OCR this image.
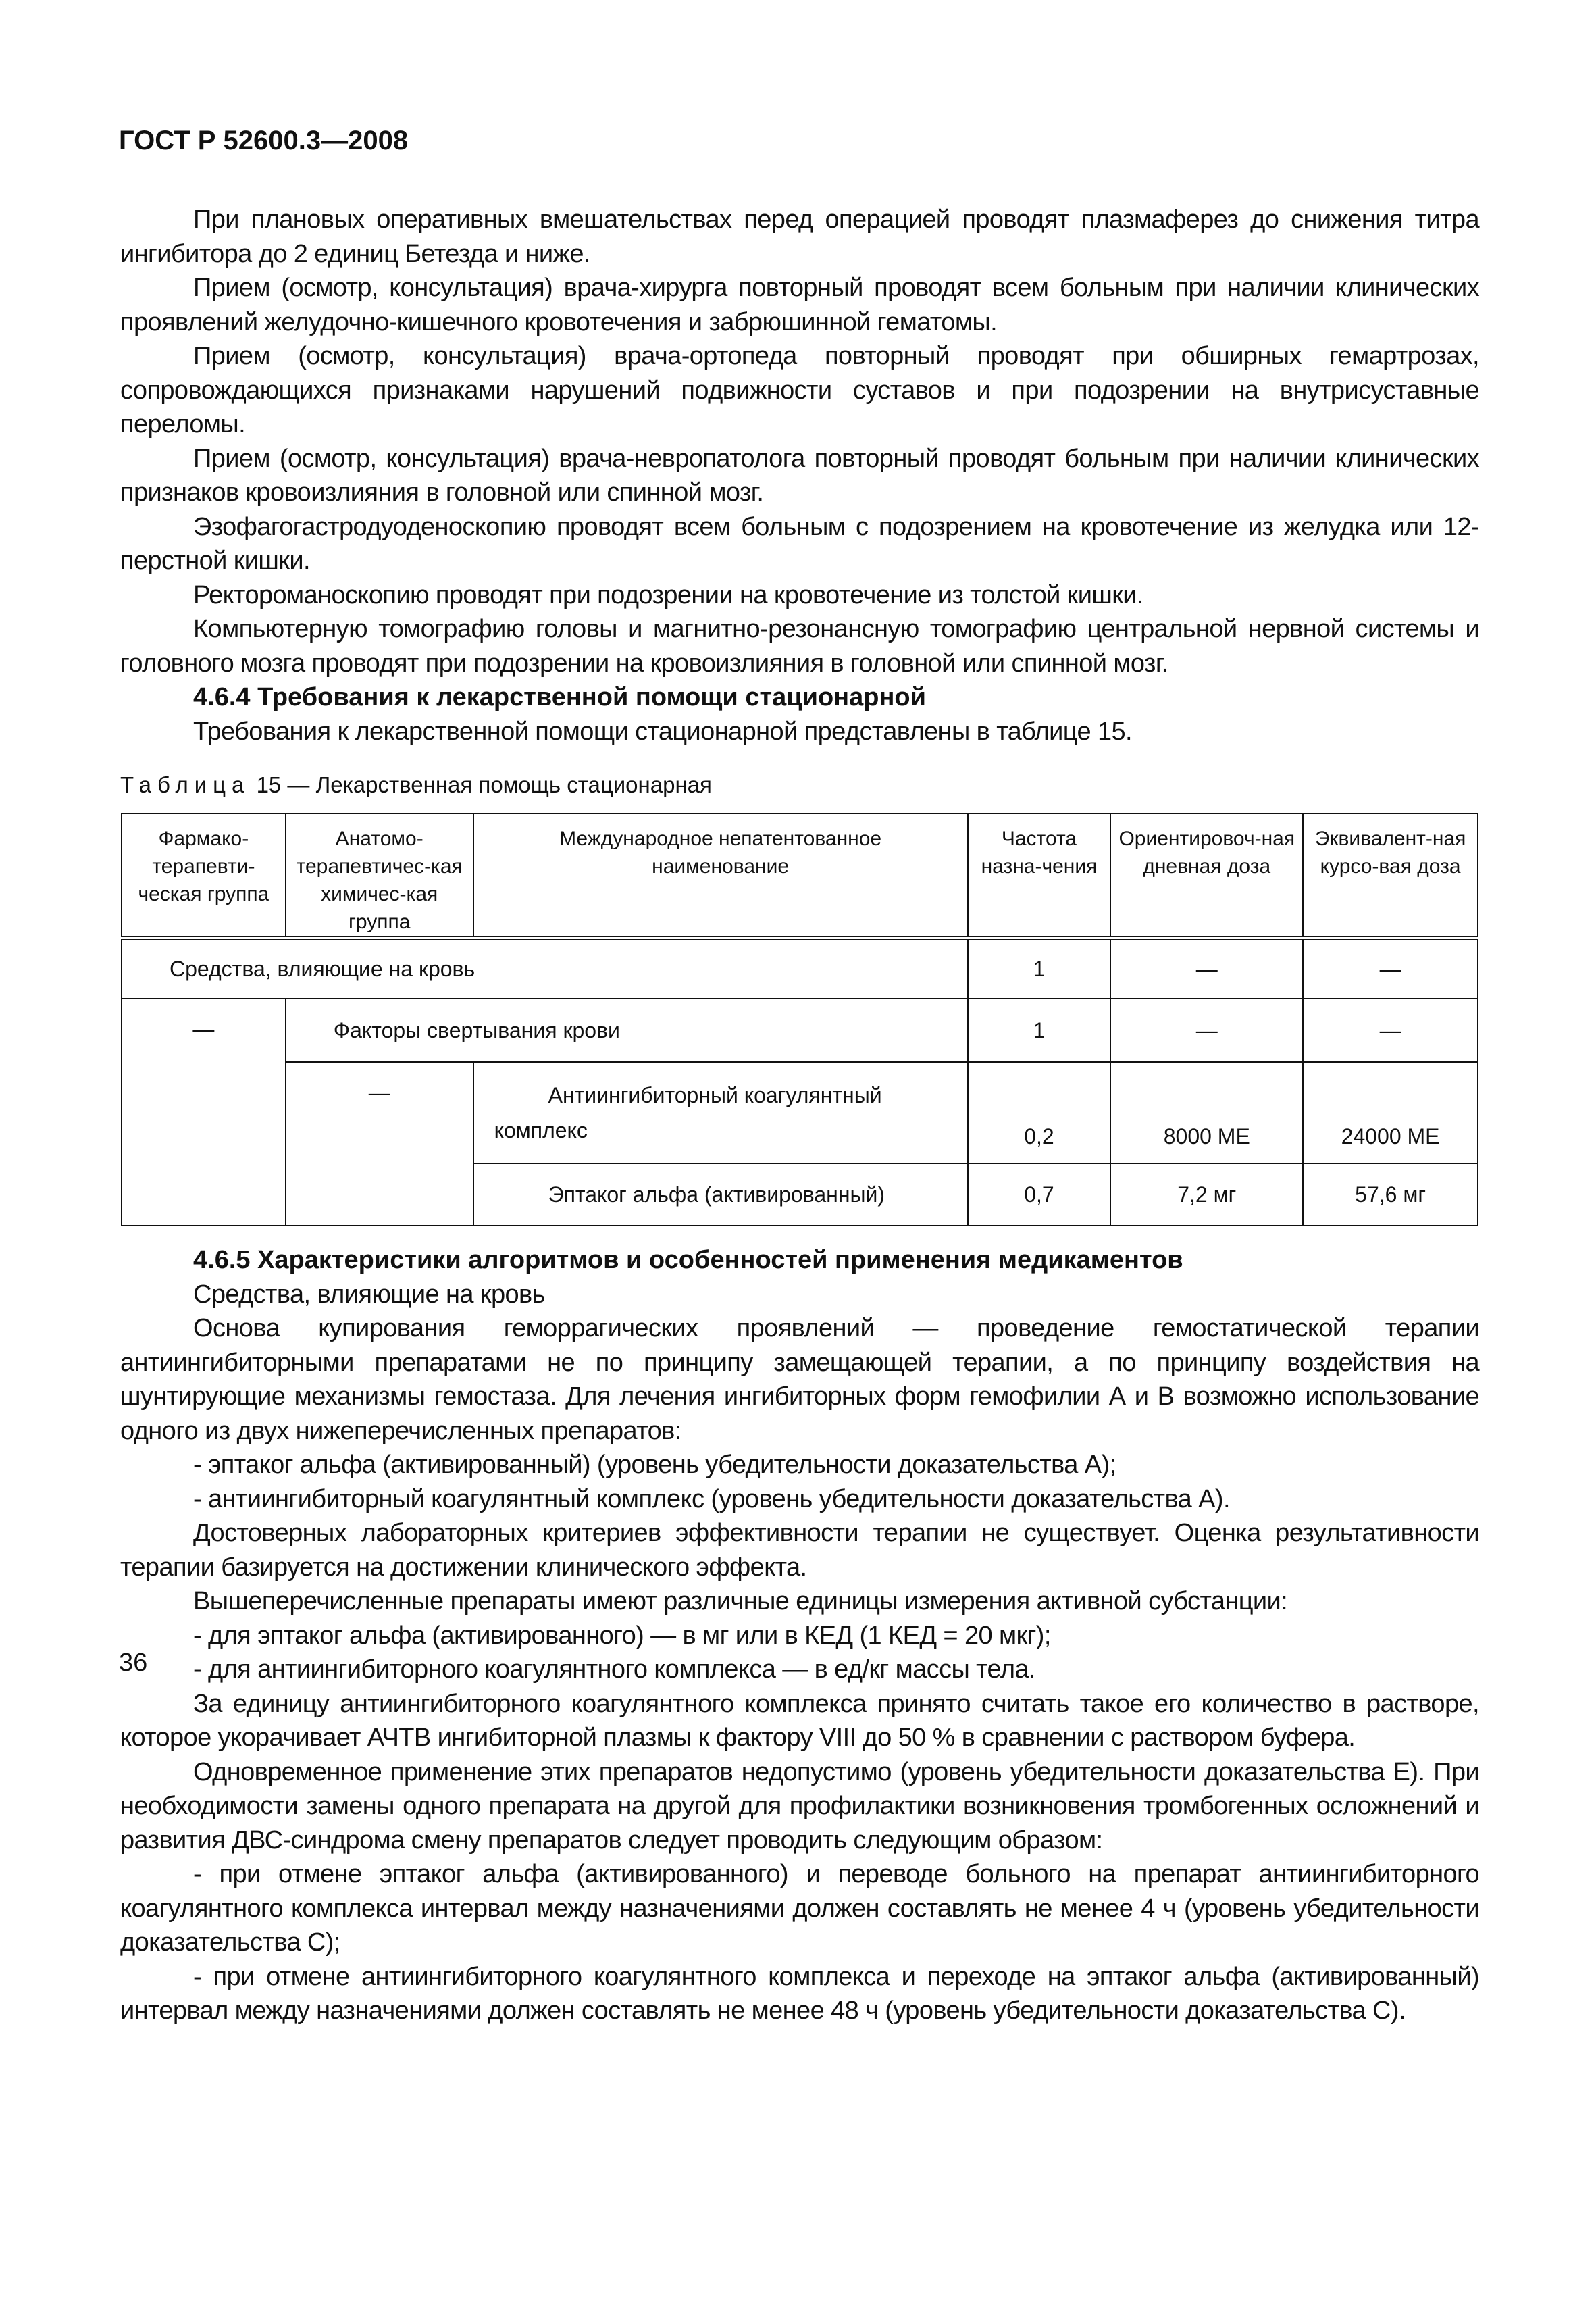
ГОСТ Р 52600.3—2008

При плановых оперативных вмешательствах перед операцией проводят плазмаферез до снижения титра ингибитора до 2 единиц Бетезда и ниже.

Прием (осмотр, консультация) врача-хирурга повторный проводят всем больным при наличии клинических проявлений желудочно-кишечного кровотечения и забрюшинной гематомы.

Прием (осмотр, консультация) врача-ортопеда повторный проводят при обширных гемартрозах, сопровождающихся признаками нарушений подвижности суставов и при подозрении на внутрисуставные переломы.

Прием (осмотр, консультация) врача-невропатолога повторный проводят больным при наличии клинических признаков кровоизлияния в головной или спинной мозг.

Эзофагогастродуоденоскопию проводят всем больным с подозрением на кровотечение из желудка или 12-перстной кишки.

Ректороманоскопию проводят при подозрении на кровотечение из толстой кишки.

Компьютерную томографию головы и магнитно-резонансную томографию центральной нервной системы и головного мозга проводят при подозрении на кровоизлияния в головной или спинной мозг.

4.6.4 Требования к лекарственной помощи стационарной

Требования к лекарственной помощи стационарной представлены в таблице 15.

Таблица 15 — Лекарственная помощь стационарная
Фармако-терапевти-ческая группа	Анатомо-терапевтичес-кая химичес-кая группа	Международное непатентованное наименование	Частота назна-чения	Ориентировоч-ная дневная доза	Эквивалент-ная курсо-вая доза
Средства, влияющие на кровь			1	—	—
—	Факторы свертывания крови		1	—	—
	—	Антиингибиторный коагулянтный комплекс	0,2	8000 МЕ	24000 МЕ
		Эптаког альфа (активированный)	0,7	7,2 мг	57,6 мг

4.6.5 Характеристики алгоритмов и особенностей применения медикаментов

Средства, влияющие на кровь

Основа купирования геморрагических проявлений — проведение гемостатической терапии антиингибиторными препаратами не по принципу замещающей терапии, а по принципу воздействия на шунтирующие механизмы гемостаза. Для лечения ингибиторных форм гемофилии А и В возможно использование одного из двух нижеперечисленных препаратов:

- эптаког альфа (активированный) (уровень убедительности доказательства А);

- антиингибиторный коагулянтный комплекс (уровень убедительности доказательства А).

Достоверных лабораторных критериев эффективности терапии не существует. Оценка результативности терапии базируется на достижении клинического эффекта.

Вышеперечисленные препараты имеют различные единицы измерения активной субстанции:

- для эптаког альфа (активированного) — в мг или в КЕД (1 КЕД = 20 мкг);

- для антиингибиторного коагулянтного комплекса — в ед/кг массы тела.

За единицу антиингибиторного коагулянтного комплекса принято считать такое его количество в растворе, которое укорачивает АЧТВ ингибиторной плазмы к фактору VIII до 50 % в сравнении с раствором буфера.

Одновременное применение этих препаратов недопустимо (уровень убедительности доказательства Е). При необходимости замены одного препарата на другой для профилактики возникновения тромбогенных осложнений и развития ДВС-синдрома смену препаратов следует проводить следующим образом:

- при отмене эптаког альфа (активированного) и переводе больного на препарат антиингибиторного коагулянтного комплекса интервал между назначениями должен составлять не менее 4 ч (уровень убедительности доказательства С);

- при отмене антиингибиторного коагулянтного комплекса и переходе на эптаког альфа (активированный) интервал между назначениями должен составлять не менее 48 ч (уровень убедительности доказательства С).

36
